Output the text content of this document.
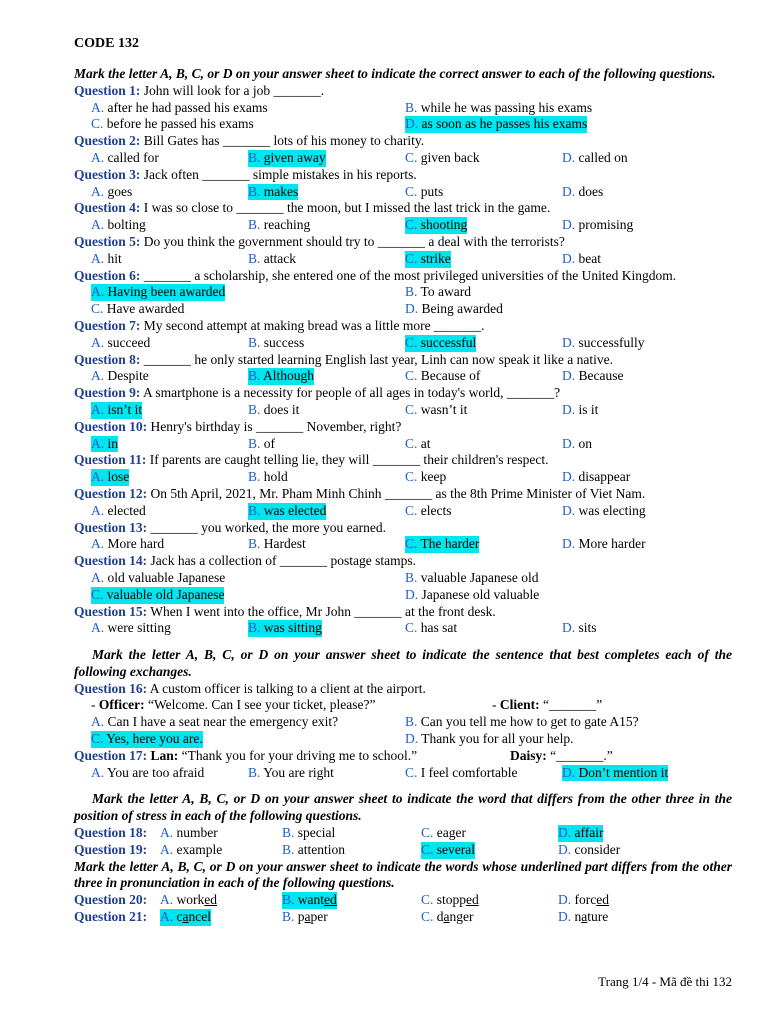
CODE 132
Mark the letter A, B, C, or D on your answer sheet to indicate the correct answer to each of the following questions.
Question 1: John will look for a job _______.
A. after he had passed his exams	B. while he was passing his exams
C. before he passed his exams	D. as soon as he passes his exams
Question 2: Bill Gates has _______ lots of his money to charity.
A. called for	B. given away	C. given back	D. called on
Question 3: Jack often _______ simple mistakes in his reports.
A. goes	B. makes	C. puts	D. does
Question 4: I was so close to _______ the moon, but I missed the last trick in the game.
A. bolting	B. reaching	C. shooting	D. promising
Question 5: Do you think the government should try to _______ a deal with the terrorists?
A. hit	B. attack	C. strike	D. beat
Question 6: _______ a scholarship, she entered one of the most privileged universities of the United Kingdom.
A. Having been awarded	B. To award
C. Have awarded	D. Being awarded
Question 7: My second attempt at making bread was a little more _______.
A. succeed	B. success	C. successful	D. successfully
Question 8: _______ he only started learning English last year, Linh can now speak it like a native.
A. Despite	B. Although	C. Because of	D. Because
Question 9: A smartphone is a necessity for people of all ages in today's world, _______?
A. isn’t it	B. does it	C. wasn’t it	D. is it
Question 10: Henry's birthday is _______ November, right?
A. in	B. of	C. at	D. on
Question 11: If parents are caught telling lie, they will _______ their children's respect.
A. lose	B. hold	C. keep	D. disappear
Question 12: On 5th April, 2021, Mr. Pham Minh Chinh _______ as the 8th Prime Minister of Viet Nam.
A. elected	B. was elected	C. elects	D. was electing
Question 13: _______ you worked, the more you earned.
A. More hard	B. Hardest	C. The harder	D. More harder
Question 14: Jack has a collection of _______ postage stamps.
A. old valuable Japanese	B. valuable Japanese old
C. valuable old Japanese	D. Japanese old valuable
Question 15: When I went into the office, Mr John _______ at the front desk.
A. were sitting	B. was sitting	C. has sat	D. sits
Mark the letter A, B, C, or D on your answer sheet to indicate the sentence that best completes each of the following exchanges.
Question 16: A custom officer is talking to a client at the airport.
- Officer: “Welcome. Can I see your ticket, please?”	- Client: “_______”
A. Can I have a seat near the emergency exit?	B. Can you tell me how to get to gate A15?
C. Yes, here you are.	D. Thank you for all your help.
Question 17: Lan: “Thank you for your driving me to school.”	Daisy: “_______.”
A. You are too afraid	B. You are right	C. I feel comfortable	D. Don’t mention it
Mark the letter A, B, C, or D on your answer sheet to indicate the word that differs from the other three in the position of stress in each of the following questions.
Question 18: A. number	B. special	C. eager	D. affair
Question 19: A. example	B. attention	C. several	D. consider
Mark the letter A, B, C, or D on your answer sheet to indicate the words whose underlined part differs from the other three in pronunciation in each of the following questions.
Question 20: A. worked	B. wanted	C. stopped	D. forced
Question 21: A. cancel	B. paper	C. danger	D. nature
Trang 1/4 - Mã đề thi 132
